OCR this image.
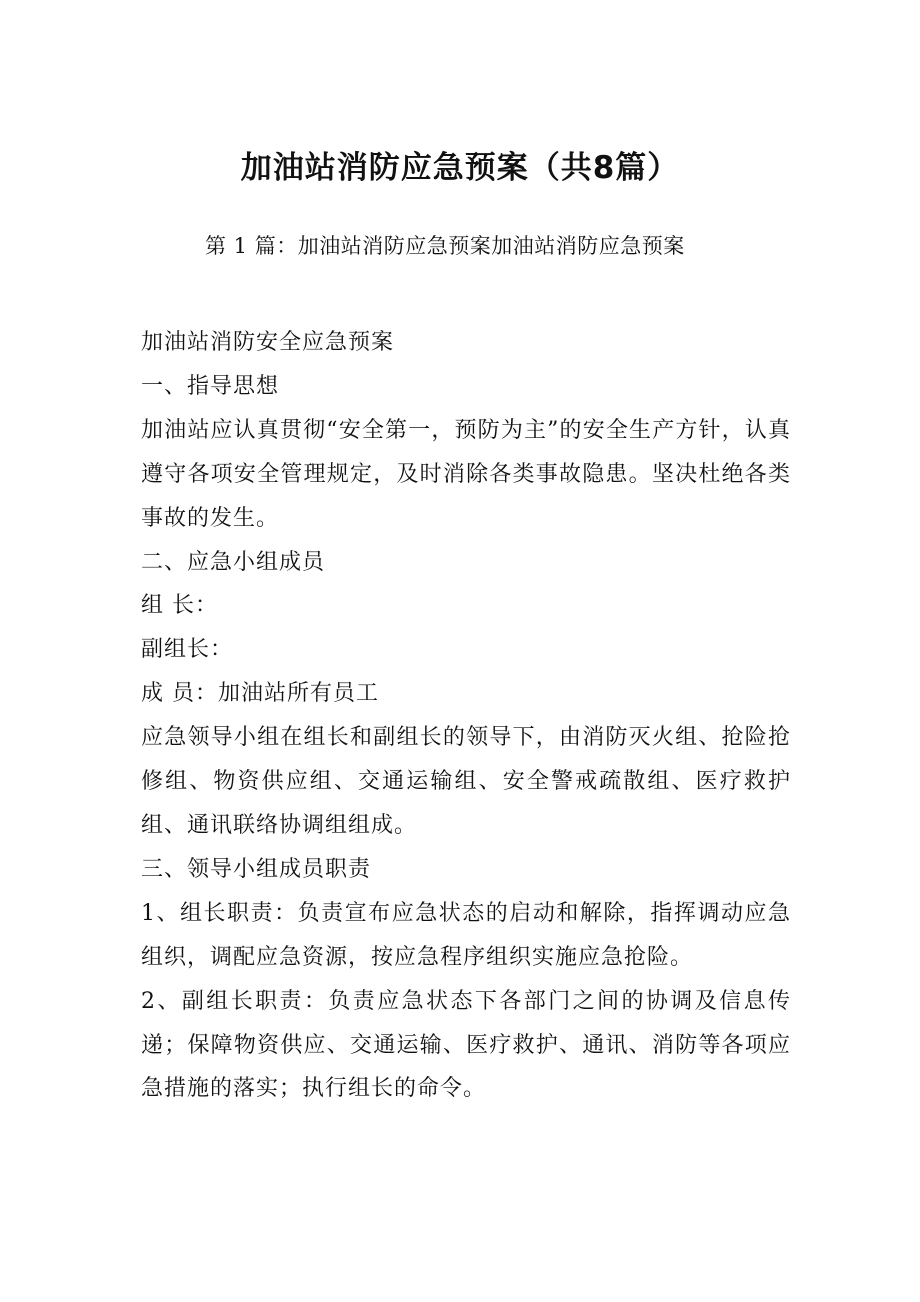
加油站消防应急预案（共8篇）

第 1 篇：加油站消防应急预案加油站消防应急预案

加油站消防安全应急预案

一、指导思想

加油站应认真贯彻“安全第一，预防为主”的安全生产方针，认真遵守各项安全管理规定，及时消除各类事故隐患。坚决杜绝各类事故的发生。

二、应急小组成员

组 长：

副组长：

成 员：加油站所有员工

应急领导小组在组长和副组长的领导下，由消防灭火组、抢险抢修组、物资供应组、交通运输组、安全警戒疏散组、医疗救护组、通讯联络协调组组成。

三、领导小组成员职责

1、组长职责：负责宣布应急状态的启动和解除，指挥调动应急组织，调配应急资源，按应急程序组织实施应急抢险。

2、副组长职责：负责应急状态下各部门之间的协调及信息传递；保障物资供应、交通运输、医疗救护、通讯、消防等各项应急措施的落实；执行组长的命令。
